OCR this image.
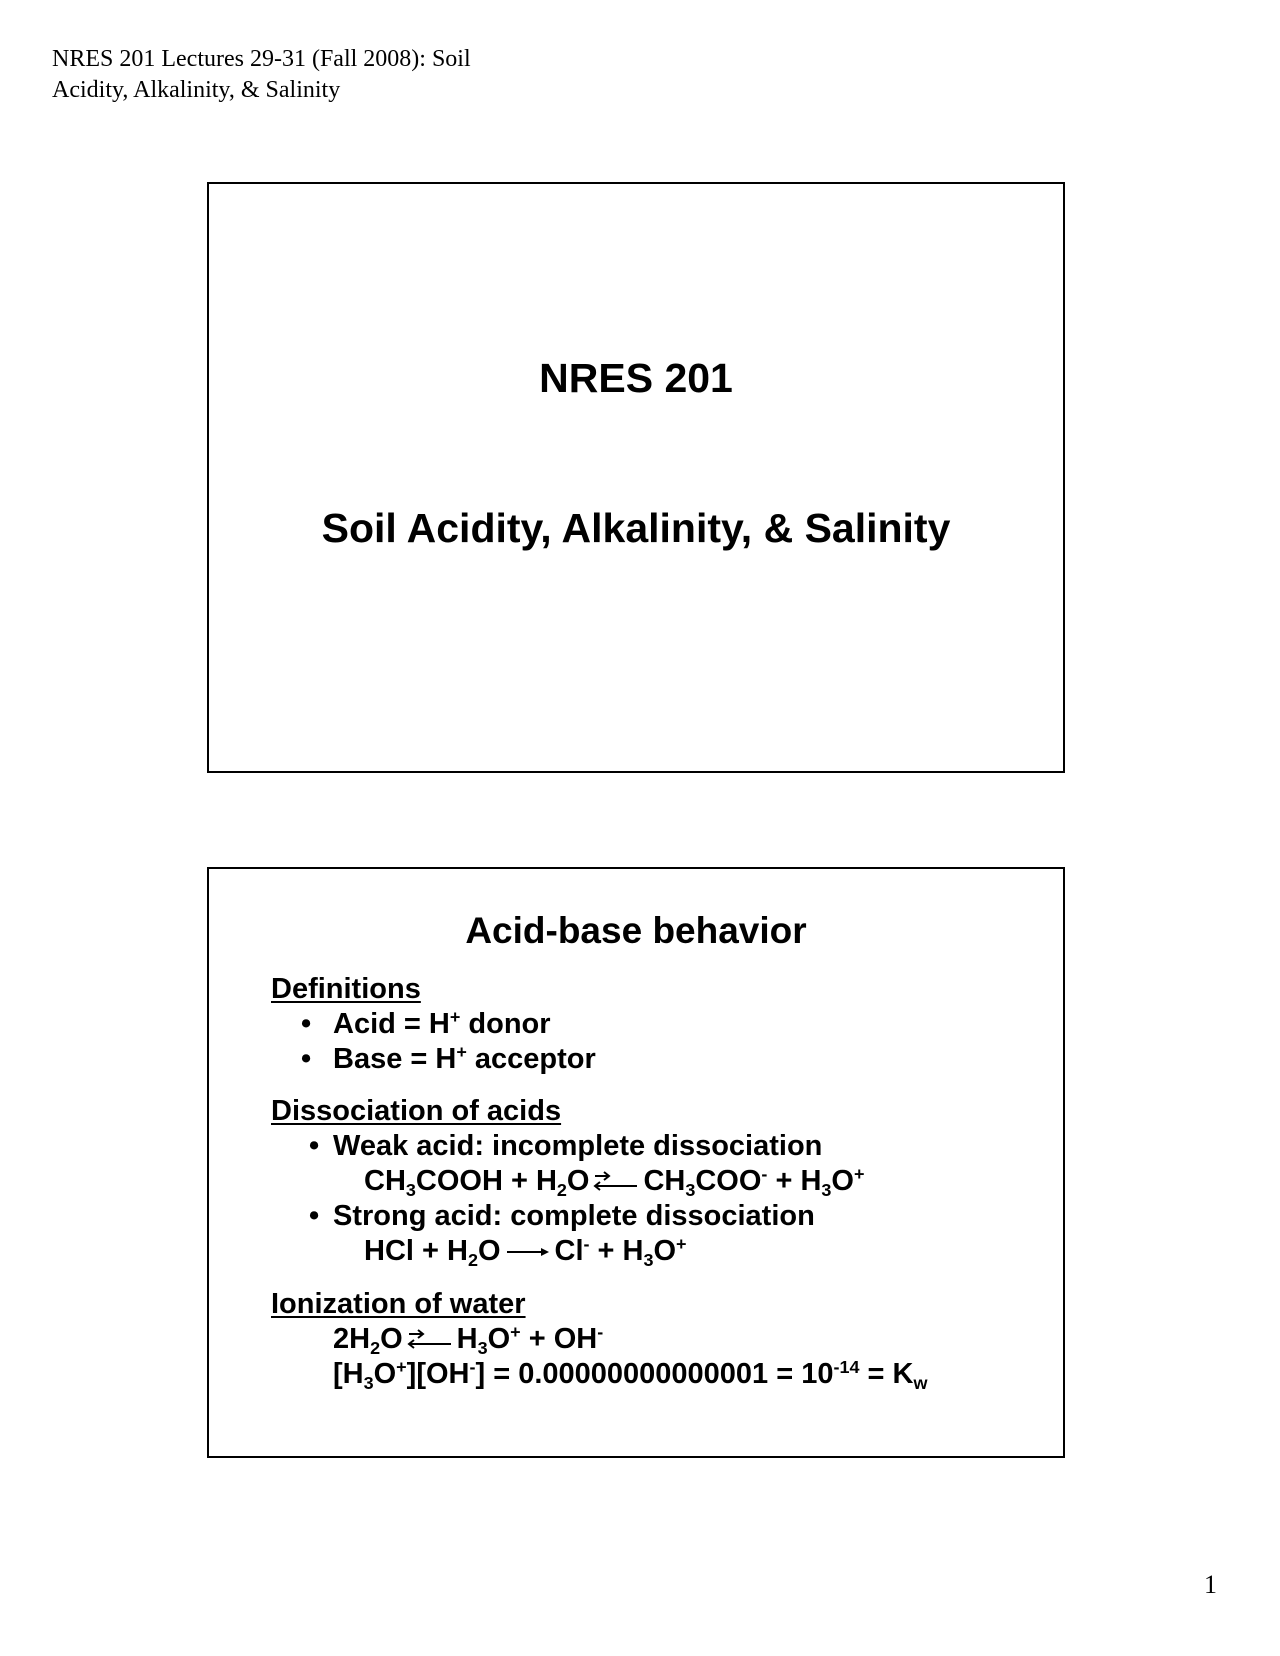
NRES 201 Lectures 29-31 (Fall 2008): Soil
Acidity, Alkalinity, & Salinity
NRES 201
Soil Acidity, Alkalinity, & Salinity
Acid-base behavior
Definitions
• Acid = H+ donor
• Base = H+ acceptor
Dissociation of acids
• Weak acid: incomplete dissociation
$CH_3COOH + H_2O$ $CH_3COO^- + H_3O^+$
• Strong acid: complete dissociation
HCl + $H_2O$ $Cl^- + H_3O^+$
Ionization of water
$2H_2O$ $H_3O^+ + OH^-$
$[H_3O^+][OH^-] = 0.00000000000001 = 10^{-14} = K_w$
1
